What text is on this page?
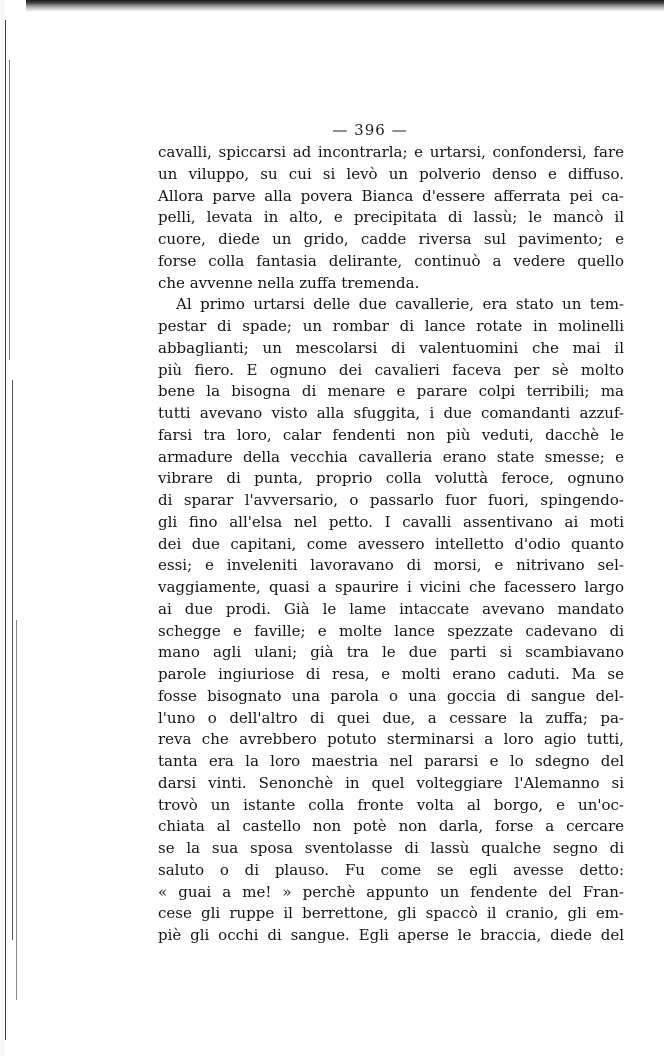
— 396 —
cavalli, spiccarsi ad incontrarla; e urtarsi, confondersi, fare
un viluppo, su cui si levò un polverio denso e diffuso.
Allora parve alla povera Bianca d'essere afferrata pei ca-
pelli, levata in alto, e precipitata di lassù; le mancò il
cuore, diede un grido, cadde riversa sul pavimento; e
forse colla fantasia delirante, continuò a vedere quello
che avvenne nella zuffa tremenda.
Al primo urtarsi delle due cavallerie, era stato un tem-
pestar di spade; un rombar di lance rotate in molinelli
abbaglianti; un mescolarsi di valentuomini che mai il
più fiero. E ognuno dei cavalieri faceva per sè molto
bene la bisogna di menare e parare colpi terribili; ma
tutti avevano visto alla sfuggita, i due comandanti azzuf-
farsi tra loro, calar fendenti non più veduti, dacchè le
armadure della vecchia cavalleria erano state smesse; e
vibrare di punta, proprio colla voluttà feroce, ognuno
di sparar l'avversario, o passarlo fuor fuori, spingendo-
gli fino all'elsa nel petto. I cavalli assentivano ai moti
dei due capitani, come avessero intelletto d'odio quanto
essi; e inveleniti lavoravano di morsi, e nitrivano sel-
vaggiamente, quasi a spaurire i vicini che facessero largo
ai due prodi. Già le lame intaccate avevano mandato
schegge e faville; e molte lance spezzate cadevano di
mano agli ulani; già tra le due parti si scambiavano
parole ingiuriose di resa, e molti erano caduti. Ma se
fosse bisognato una parola o una goccia di sangue del-
l'uno o dell'altro di quei due, a cessare la zuffa; pa-
reva che avrebbero potuto sterminarsi a loro agio tutti,
tanta era la loro maestria nel pararsi e lo sdegno del
darsi vinti. Senonchè in quel volteggiare l'Alemanno si
trovò un istante colla fronte volta al borgo, e un'oc-
chiata al castello non potè non darla, forse a cercare
se la sua sposa sventolasse di lassù qualche segno di
saluto o di plauso. Fu come se egli avesse detto:
« guai a me! » perchè appunto un fendente del Fran-
cese gli ruppe il berrettone, gli spaccò il cranio, gli em-
piè gli occhi di sangue. Egli aperse le braccia, diede del
